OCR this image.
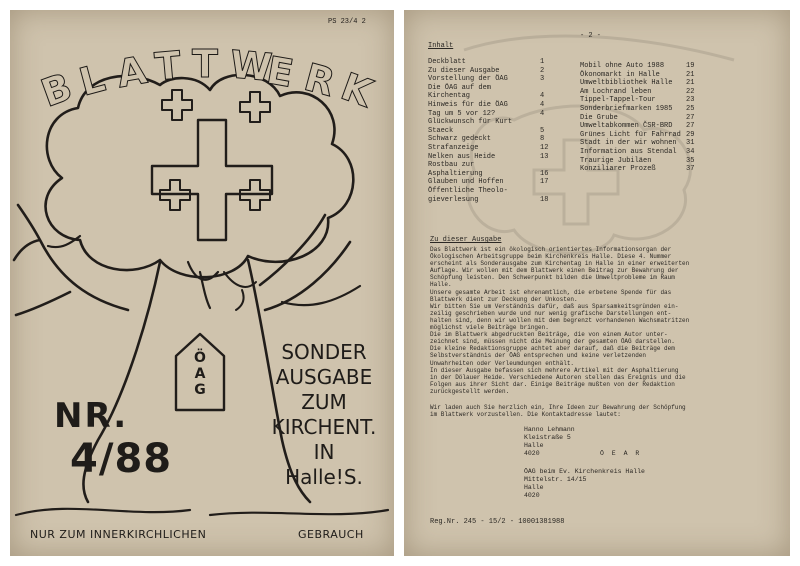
B
L A T T W
E R
K
PS 23/4 2
Ö
A
G
NR.
4/88
SONDER
AUSGABE
ZUM
KIRCHENT.
IN
Halle!S.
NUR ZUM INNERKIRCHLICHEN	GEBRAUCH
- 2 -
Inhalt
Deckblatt	1
Zu dieser Ausgabe	2
Vorstellung der ÖAG	3
Die ÖAG auf dem
Kirchentag	4
Hinweis für die ÖAG	4
Tag um 5 vor 12?	4
Glückwunsch für Kurt
Staeck	5
Schwarz gedeckt	8
Strafanzeige	12
Nelken aus Heide	13
Rostbau zur
Asphaltierung	16
Glauben und Hoffen	17
Öffentliche Theolo-
gieverlesung	18
Mobil ohne Auto 1988	19
Ökonomarkt in Halle	21
Umweltbibliothek Halle 21
Am Lochrand leben	22
Tippel-Tappel-Tour	23
Sonderbriefmarken 1985 25
Die Grube	27
Umweltabkommen ČSR-BRD 27
Grünes Licht für Fahrrad 29
Stadt in der wir wohnen 31
Information aus Stendal 34
Traurige Jubiläen	35
Konziliarer Prozeß	37
Zu dieser Ausgabe
Das Blattwerk ist ein ökologisch orientiertes Informationsorgan der
Ökologischen Arbeitsgruppe beim Kirchenkreis Halle. Diese 4. Nummer
erscheint als Sonderausgabe zum Kirchentag in Halle in einer erweiterten
Auflage. Wir wollen mit dem Blattwerk einen Beitrag zur Bewahrung der
Schöpfung leisten. Den Schwerpunkt bilden die Umweltprobleme im Raum
Halle.
Unsere gesamte Arbeit ist ehrenamtlich, die erbetene Spende für das
Blattwerk dient zur Deckung der Unkosten.
Wir bitten Sie um Verständnis dafür, daß aus Sparsamkeitsgründen ein-
zeilig geschrieben wurde und nur wenig grafische Darstellungen ent-
halten sind, denn wir wollen mit dem begrenzt vorhandenen Wachsmatritzen
möglichst viele Beiträge bringen.
Die im Blattwerk abgedruckten Beiträge, die von einem Autor unter-
zeichnet sind, müssen nicht die Meinung der gesamten ÖAG darstellen.
Die kleine Redaktionsgruppe achtet aber darauf, daß die Beiträge dem
Selbstverständnis der ÖAG entsprechen und keine verletzenden
Unwahrheiten oder Verleumdungen enthält.
In dieser Ausgabe befassen sich mehrere Artikel mit der Asphaltierung
in der Dölauer Heide. Verschiedene Autoren stellen das Ereignis und die
Folgen aus ihrer Sicht dar. Einige Beiträge mußten von der Redaktion
zurückgestellt werden.
Wir laden auch Sie herzlich ein, Ihre Ideen zur Bewahrung der Schöpfung
im Blattwerk vorzustellen. Die Kontaktadresse lautet:
Hanno Lehmann
Kleistraße 5
Halle
4020	Ö E A R
ÖAG beim Ev. Kirchenkreis Halle
Mittelstr. 14/15
Halle
4020
Reg.Nr. 245 - 15/2 - 10001381988
